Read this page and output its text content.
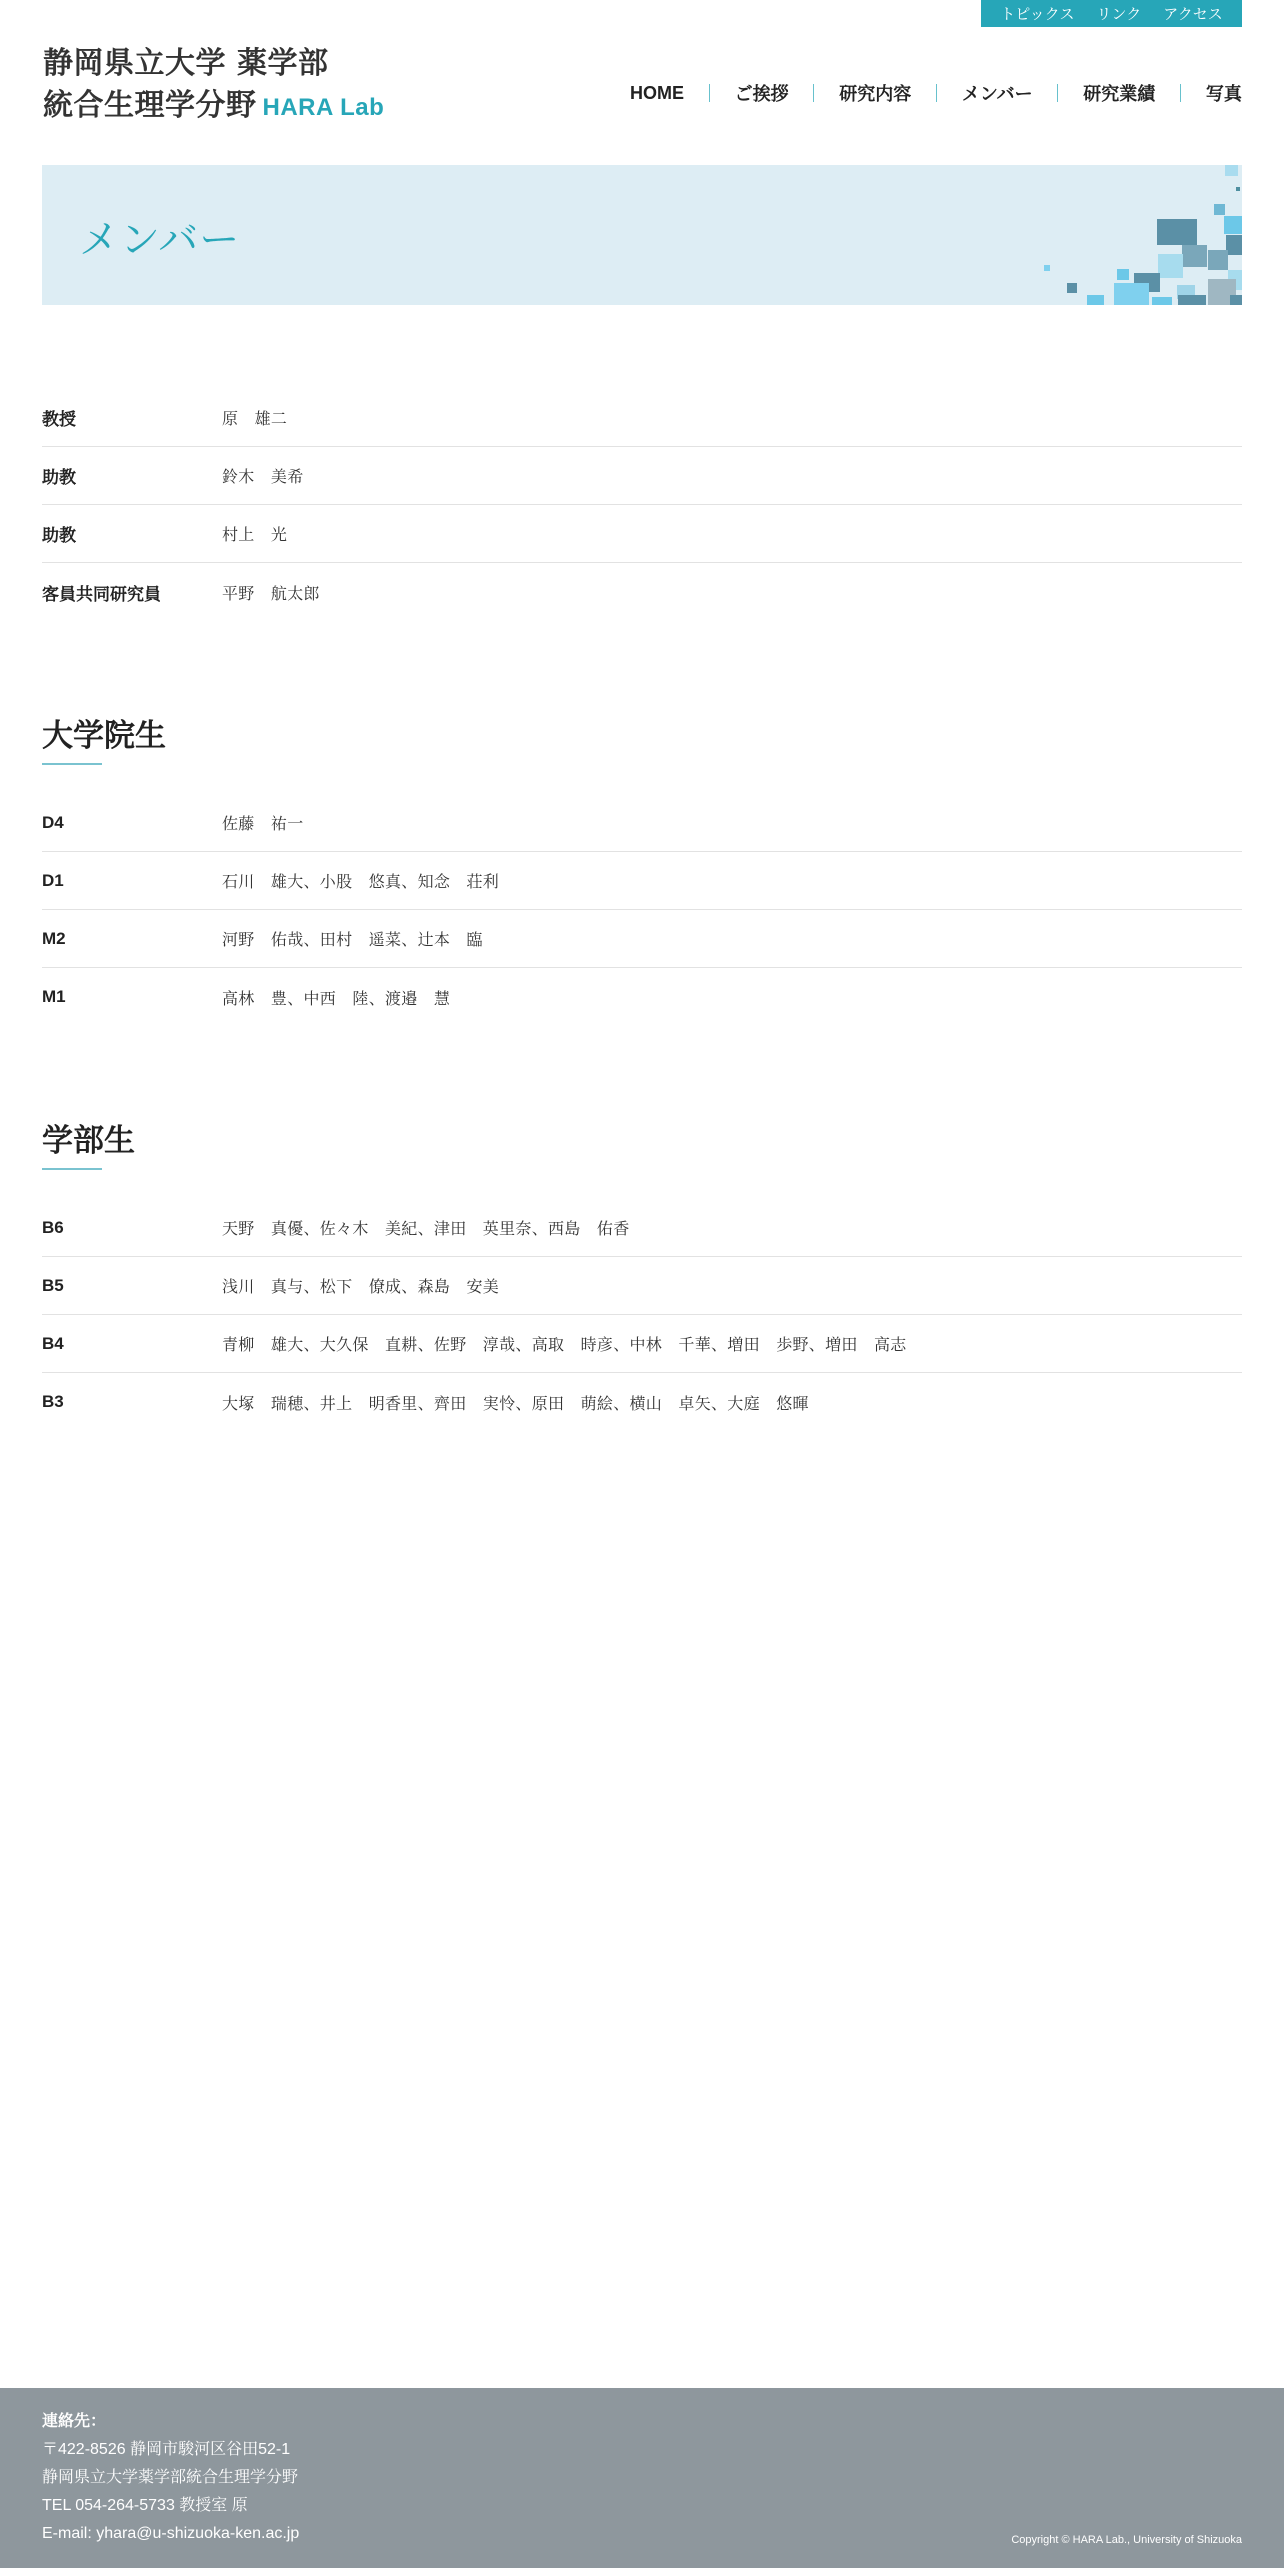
トピックス リンク アクセス
静岡県立大学 薬学部
統合生理学分野 HARA Lab
HOME	ご挨拶	研究内容	メンバー	研究業績	写真
メンバー
教授	原　雄二
助教	鈴木　美希
助教	村上　光
客員共同研究員	平野　航太郎
大学院生
D4	佐藤　祐一
D1	石川　雄大、小股　悠真、知念　荘利
M2	河野　佑哉、田村　遥菜、辻本　臨
M1	高林　豊、中西　陸、渡邉　慧
学部生
B6	天野　真優、佐々木　美紀、津田　英里奈、西島　佑香
B5	浅川　真与、松下　僚成、森島　安美
B4	青柳　雄大、大久保　直耕、佐野　淳哉、高取　時彦、中林　千華、増田　歩野、増田　高志
B3	大塚　瑞穂、井上　明香里、齊田　実怜、原田　萌絵、横山　卓矢、大庭　悠暉
連絡先：
〒422-8526 静岡市駿河区谷田52-1
静岡県立大学薬学部統合生理学分野
TEL 054-264-5733 教授室 原
E-mail: yhara@u-shizuoka-ken.ac.jp	Copyright © HARA Lab., University of Shizuoka
